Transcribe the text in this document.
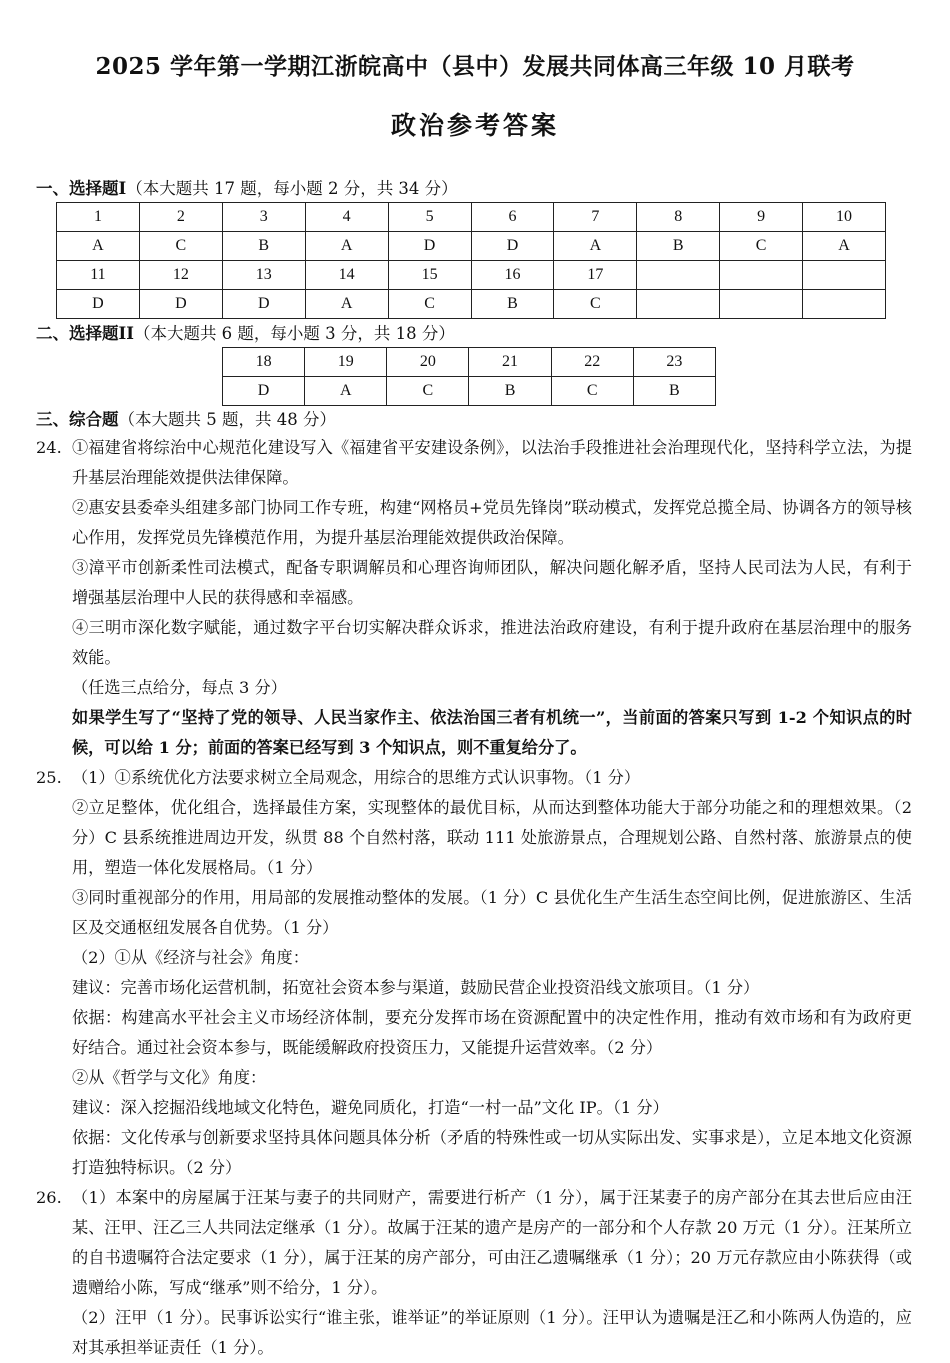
2025 学年第一学期江浙皖高中（县中）发展共同体高三年级 10 月联考
政治参考答案
一、选择题I（本大题共 17 题，每小题 2 分，共 34 分）
1	2	3	4	5	6	7	8	9	10
A	C	B	A	D	D	A	B	C	A
11	12	13	14	15	16	17			
D	D	D	A	C	B	C			
二、选择题II（本大题共 6 题，每小题 3 分，共 18 分）
18	19	20	21	22	23
D	A	C	B	C	B
三、综合题（本大题共 5 题，共 48 分）
24. ①福建省将综治中心规范化建设写入《福建省平安建设条例》，以法治手段推进社会治理现代化，坚持科学立法，为提升基层治理能效提供法律保障。

②惠安县委牵头组建多部门协同工作专班，构建“网格员+党员先锋岗”联动模式，发挥党总揽全局、协调各方的领导核心作用，发挥党员先锋模范作用，为提升基层治理能效提供政治保障。

③漳平市创新柔性司法模式，配备专职调解员和心理咨询师团队，解决问题化解矛盾，坚持人民司法为人民，有利于增强基层治理中人民的获得感和幸福感。

④三明市深化数字赋能，通过数字平台切实解决群众诉求，推进法治政府建设，有利于提升政府在基层治理中的服务效能。

（任选三点给分，每点 3 分）

如果学生写了“坚持了党的领导、人民当家作主、依法治国三者有机统一”，当前面的答案只写到 1-2 个知识点的时候，可以给 1 分；前面的答案已经写到 3 个知识点，则不重复给分了。

25. （1）①系统优化方法要求树立全局观念，用综合的思维方式认识事物。（1 分）

②立足整体，优化组合，选择最佳方案，实现整体的最优目标，从而达到整体功能大于部分功能之和的理想效果。（2 分）C 县系统推进周边开发，纵贯 88 个自然村落，联动 111 处旅游景点，合理规划公路、自然村落、旅游景点的使用，塑造一体化发展格局。（1 分）

③同时重视部分的作用，用局部的发展推动整体的发展。（1 分）C 县优化生产生活生态空间比例，促进旅游区、生活区及交通枢纽发展各自优势。（1 分）

（2）①从《经济与社会》角度：

建议：完善市场化运营机制，拓宽社会资本参与渠道，鼓励民营企业投资沿线文旅项目。（1 分）

依据：构建高水平社会主义市场经济体制，要充分发挥市场在资源配置中的决定性作用，推动有效市场和有为政府更好结合。通过社会资本参与，既能缓解政府投资压力，又能提升运营效率。（2 分）

②从《哲学与文化》角度：

建议：深入挖掘沿线地域文化特色，避免同质化，打造“一村一品”文化 IP。（1 分）

依据：文化传承与创新要求坚持具体问题具体分析（矛盾的特殊性或一切从实际出发、实事求是），立足本地文化资源打造独特标识。（2 分）

26. （1）本案中的房屋属于汪某与妻子的共同财产，需要进行析产（1 分），属于汪某妻子的房产部分在其去世后应由汪某、汪甲、汪乙三人共同法定继承（1 分）。故属于汪某的遗产是房产的一部分和个人存款 20 万元（1 分）。汪某所立的自书遗嘱符合法定要求（1 分），属于汪某的房产部分，可由汪乙遗嘱继承（1 分）；20 万元存款应由小陈获得（或遗赠给小陈，写成“继承”则不给分，1 分）。

（2）汪甲（1 分）。民事诉讼实行“谁主张，谁举证”的举证原则（1 分）。汪甲认为遗嘱是汪乙和小陈两人伪造的，应对其承担举证责任（1 分）。
